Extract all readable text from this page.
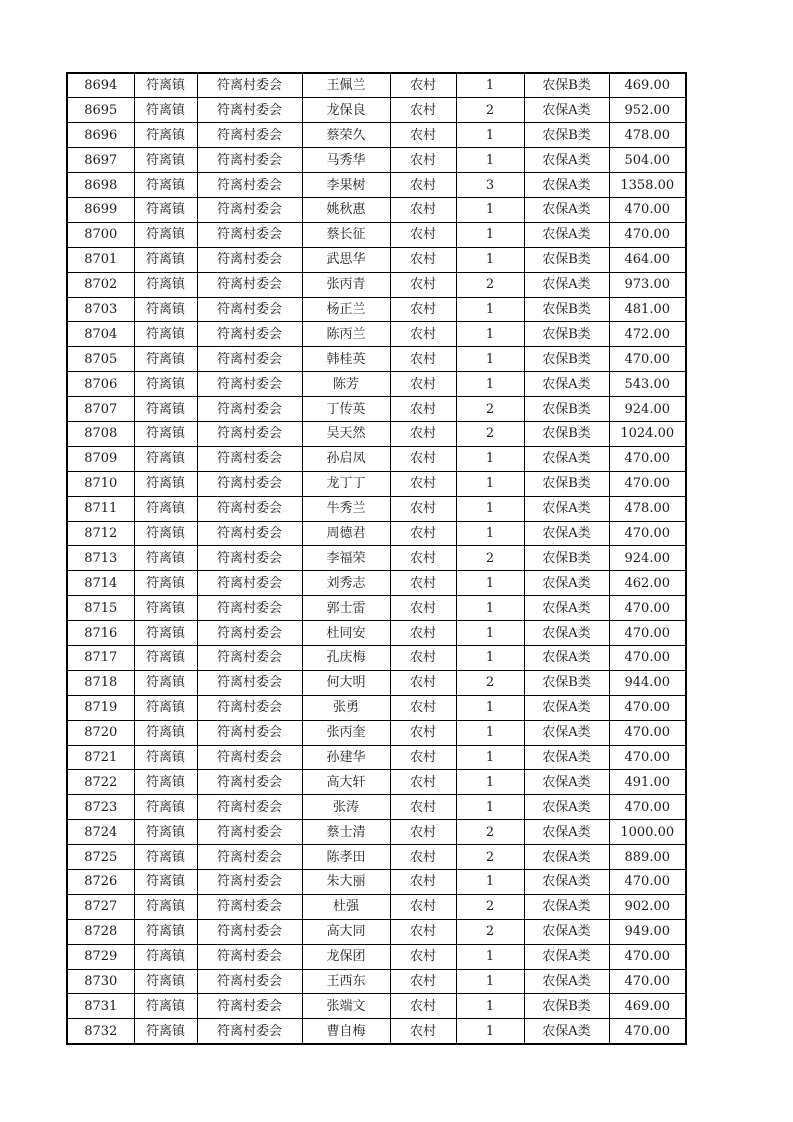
8694	符离镇	符离村委会	王佩兰	农村	1	农保B类	469.00
8695	符离镇	符离村委会	龙保良	农村	2	农保A类	952.00
8696	符离镇	符离村委会	蔡荣久	农村	1	农保B类	478.00
8697	符离镇	符离村委会	马秀华	农村	1	农保A类	504.00
8698	符离镇	符离村委会	李果树	农村	3	农保A类	1358.00
8699	符离镇	符离村委会	姚秋惠	农村	1	农保A类	470.00
8700	符离镇	符离村委会	蔡长征	农村	1	农保A类	470.00
8701	符离镇	符离村委会	武思华	农村	1	农保B类	464.00
8702	符离镇	符离村委会	张丙青	农村	2	农保A类	973.00
8703	符离镇	符离村委会	杨正兰	农村	1	农保B类	481.00
8704	符离镇	符离村委会	陈丙兰	农村	1	农保B类	472.00
8705	符离镇	符离村委会	韩桂英	农村	1	农保B类	470.00
8706	符离镇	符离村委会	陈芳	农村	1	农保A类	543.00
8707	符离镇	符离村委会	丁传英	农村	2	农保B类	924.00
8708	符离镇	符离村委会	吴天然	农村	2	农保B类	1024.00
8709	符离镇	符离村委会	孙启凤	农村	1	农保A类	470.00
8710	符离镇	符离村委会	龙丁丁	农村	1	农保B类	470.00
8711	符离镇	符离村委会	牛秀兰	农村	1	农保A类	478.00
8712	符离镇	符离村委会	周德君	农村	1	农保A类	470.00
8713	符离镇	符离村委会	李福荣	农村	2	农保B类	924.00
8714	符离镇	符离村委会	刘秀志	农村	1	农保A类	462.00
8715	符离镇	符离村委会	郭士雷	农村	1	农保A类	470.00
8716	符离镇	符离村委会	杜同安	农村	1	农保A类	470.00
8717	符离镇	符离村委会	孔庆梅	农村	1	农保A类	470.00
8718	符离镇	符离村委会	何大明	农村	2	农保B类	944.00
8719	符离镇	符离村委会	张勇	农村	1	农保A类	470.00
8720	符离镇	符离村委会	张丙奎	农村	1	农保A类	470.00
8721	符离镇	符离村委会	孙建华	农村	1	农保A类	470.00
8722	符离镇	符离村委会	高大轩	农村	1	农保A类	491.00
8723	符离镇	符离村委会	张涛	农村	1	农保A类	470.00
8724	符离镇	符离村委会	蔡士清	农村	2	农保A类	1000.00
8725	符离镇	符离村委会	陈孝田	农村	2	农保A类	889.00
8726	符离镇	符离村委会	朱大丽	农村	1	农保A类	470.00
8727	符离镇	符离村委会	杜强	农村	2	农保A类	902.00
8728	符离镇	符离村委会	高大同	农村	2	农保A类	949.00
8729	符离镇	符离村委会	龙保团	农村	1	农保A类	470.00
8730	符离镇	符离村委会	王西东	农村	1	农保A类	470.00
8731	符离镇	符离村委会	张端文	农村	1	农保B类	469.00
8732	符离镇	符离村委会	曹自梅	农村	1	农保A类	470.00
